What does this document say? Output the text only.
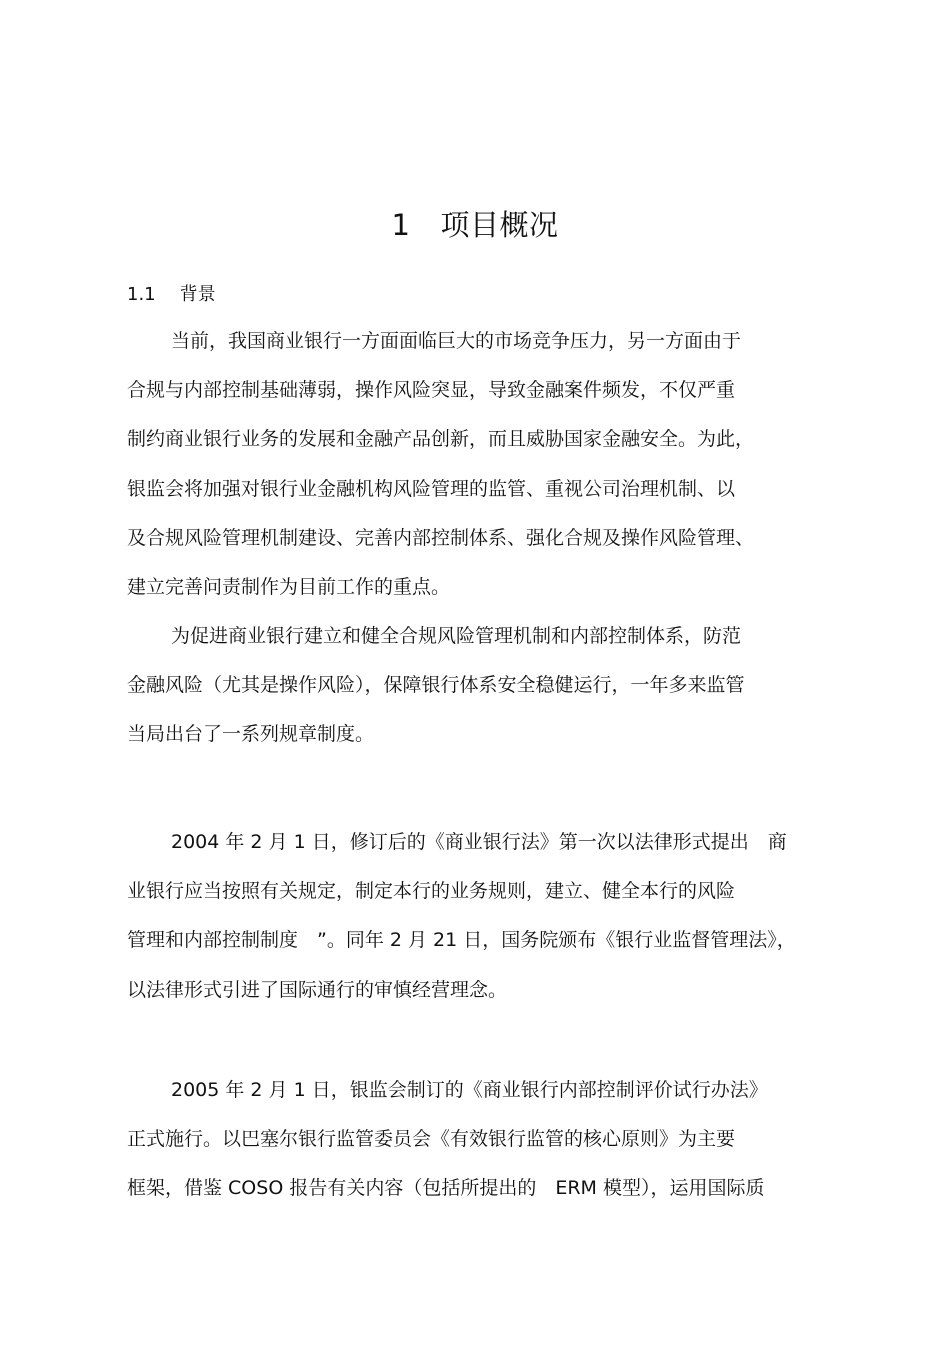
1 项目概况
1.1 背景

当前，我国商业银行一方面面临巨大的市场竞争压力，另一方面由于
合规与内部控制基础薄弱，操作风险突显，导致金融案件频发，不仅严重
制约商业银行业务的发展和金融产品创新，而且威胁国家金融安全。为此，
银监会将加强对银行业金融机构风险管理的监管、重视公司治理机制、以
及合规风险管理机制建设、完善内部控制体系、强化合规及操作风险管理、
建立完善问责制作为目前工作的重点。

为促进商业银行建立和健全合规风险管理机制和内部控制体系，防范
金融风险（尤其是操作风险），保障银行体系安全稳健运行，一年多来监管
当局出台了一系列规章制度。

2004 年 2 月 1 日，修订后的《商业银行法》第一次以法律形式提出　商
业银行应当按照有关规定，制定本行的业务规则，建立、健全本行的风险
管理和内部控制制度　”。同年 2 月 21 日，国务院颁布《银行业监督管理法》，
以法律形式引进了国际通行的审慎经营理念。

2005 年 2 月 1 日，银监会制订的《商业银行内部控制评价试行办法》
正式施行。以巴塞尔银行监管委员会《有效银行监管的核心原则》为主要
框架，借鉴 COSO 报告有关内容（包括所提出的　ERM 模型），运用国际质
